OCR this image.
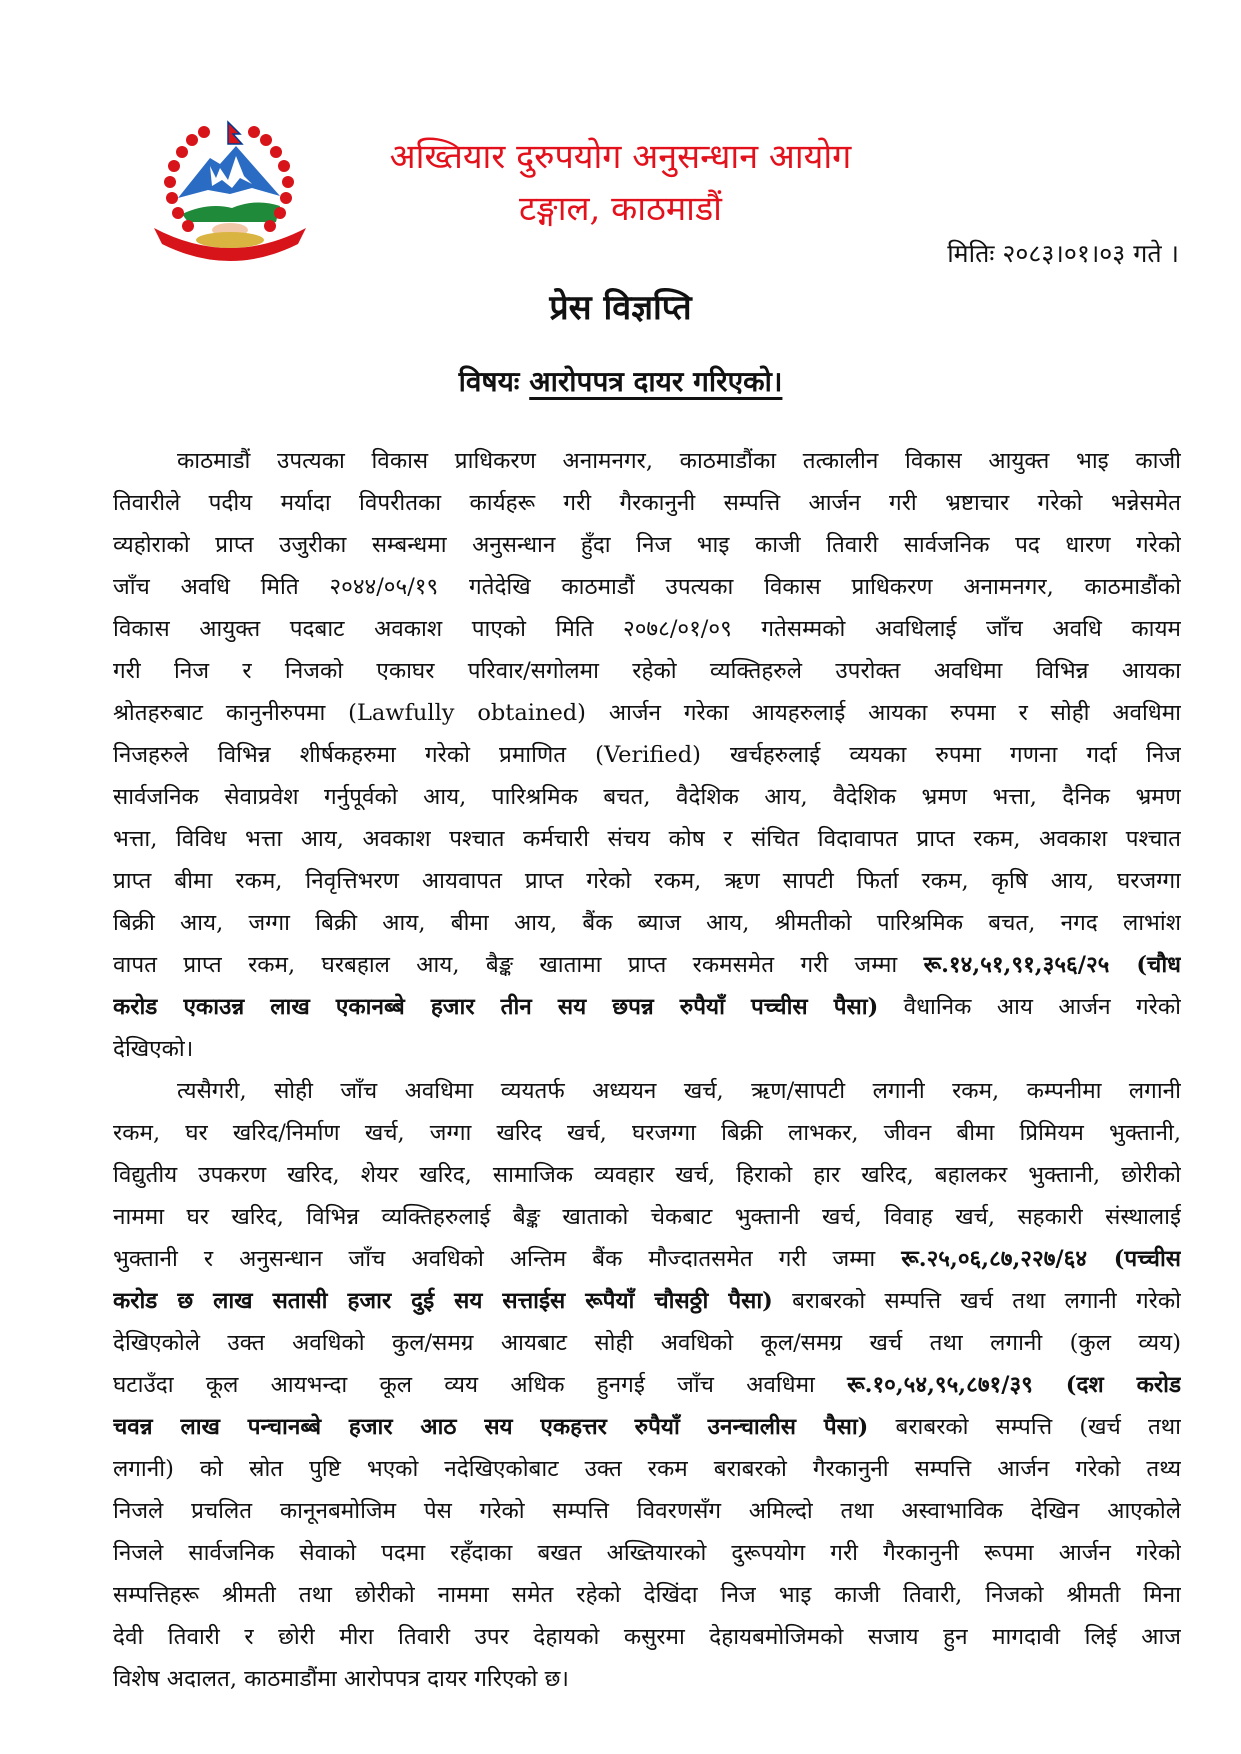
अख्तियार दुरुपयोग अनुसन्धान आयोग
टङ्गाल, काठमाडौं
मितिः २०८३।०१।०३ गते ।
प्रेस विज्ञप्ति
विषयः आरोपपत्र दायर गरिएको।
काठमाडौं उपत्यका विकास प्राधिकरण अनामनगर, काठमाडौंका तत्कालीन विकास आयुक्त भाइ काजी
तिवारीले पदीय मर्यादा विपरीतका कार्यहरू गरी गैरकानुनी सम्पत्ति आर्जन गरी भ्रष्टाचार गरेको भन्नेसमेत
व्यहोराको प्राप्त उजुरीका सम्बन्धमा अनुसन्धान हुँदा निज भाइ काजी तिवारी सार्वजनिक पद धारण गरेको
जाँच अवधि मिति २०४४/०५/१९ गतेदेखि काठमाडौं उपत्यका विकास प्राधिकरण अनामनगर, काठमाडौंको
विकास आयुक्त पदबाट अवकाश पाएको मिति २०७८/०१/०९ गतेसम्मको अवधिलाई जाँच अवधि कायम
गरी निज र निजको एकाघर परिवार/सगोलमा रहेको व्यक्तिहरुले उपरोक्त अवधिमा विभिन्न आयका
श्रोतहरुबाट कानुनीरुपमा (Lawfully obtained) आर्जन गरेका आयहरुलाई आयका रुपमा र सोही अवधिमा
निजहरुले विभिन्न शीर्षकहरुमा गरेको प्रमाणित (Verified) खर्चहरुलाई व्ययका रुपमा गणना गर्दा निज
सार्वजनिक सेवाप्रवेश गर्नुपूर्वको आय, पारिश्रमिक बचत, वैदेशिक आय, वैदेशिक भ्रमण भत्ता, दैनिक भ्रमण
भत्ता, विविध भत्ता आय, अवकाश पश्चात कर्मचारी संचय कोष र संचित विदावापत प्राप्त रकम, अवकाश पश्चात
प्राप्त बीमा रकम, निवृत्तिभरण आयवापत प्राप्त गरेको रकम, ऋण सापटी फिर्ता रकम, कृषि आय, घरजग्गा
बिक्री आय, जग्गा बिक्री आय, बीमा आय, बैंक ब्याज आय, श्रीमतीको पारिश्रमिक बचत, नगद लाभांश
वापत प्राप्त रकम, घरबहाल आय, बैङ्क खातामा प्राप्त रकमसमेत गरी जम्मा रू.१४,५१,९१,३५६/२५ (चौध
करोड एकाउन्न लाख एकानब्बे हजार तीन सय छपन्न रुपैयाँ पच्चीस पैसा) वैधानिक आय आर्जन गरेको
देखिएको।
त्यसैगरी, सोही जाँच अवधिमा व्ययतर्फ अध्ययन खर्च, ऋण/सापटी लगानी रकम, कम्पनीमा लगानी
रकम, घर खरिद/निर्माण खर्च, जग्गा खरिद खर्च, घरजग्गा बिक्री लाभकर, जीवन बीमा प्रिमियम भुक्तानी,
विद्युतीय उपकरण खरिद, शेयर खरिद, सामाजिक व्यवहार खर्च, हिराको हार खरिद, बहालकर भुक्तानी, छोरीको
नाममा घर खरिद, विभिन्न व्यक्तिहरुलाई बैङ्क खाताको चेकबाट भुक्तानी खर्च, विवाह खर्च, सहकारी संस्थालाई
भुक्तानी र अनुसन्धान जाँच अवधिको अन्तिम बैंक मौज्दातसमेत गरी जम्मा रू.२५,०६,८७,२२७/६४ (पच्चीस
करोड छ लाख सतासी हजार दुई सय सत्ताईस रूपैयाँ चौसठ्ठी पैसा) बराबरको सम्पत्ति खर्च तथा लगानी गरेको
देखिएकोले उक्त अवधिको कुल/समग्र आयबाट सोही अवधिको कूल/समग्र खर्च तथा लगानी (कुल व्यय)
घटाउँदा कूल आयभन्दा कूल व्यय अधिक हुनगई जाँच अवधिमा रू.१०,५४,९५,८७१/३९ (दश करोड
चवन्न लाख पन्चानब्बे हजार आठ सय एकहत्तर रुपैयाँ उनन्चालीस पैसा) बराबरको सम्पत्ति (खर्च तथा
लगानी) को स्रोत पुष्टि भएको नदेखिएकोबाट उक्त रकम बराबरको गैरकानुनी सम्पत्ति आर्जन गरेको तथ्य
निजले प्रचलित कानूनबमोजिम पेस गरेको सम्पत्ति विवरणसँग अमिल्दो तथा अस्वाभाविक देखिन आएकोले
निजले सार्वजनिक सेवाको पदमा रहँदाका बखत अख्तियारको दुरूपयोग गरी गैरकानुनी रूपमा आर्जन गरेको
सम्पत्तिहरू श्रीमती तथा छोरीको नाममा समेत रहेको देखिंदा निज भाइ काजी तिवारी, निजको श्रीमती मिना
देवी तिवारी र छोरी मीरा तिवारी उपर देहायको कसुरमा देहायबमोजिमको सजाय हुन मागदावी लिई आज
विशेष अदालत, काठमाडौंमा आरोपपत्र दायर गरिएको छ।
